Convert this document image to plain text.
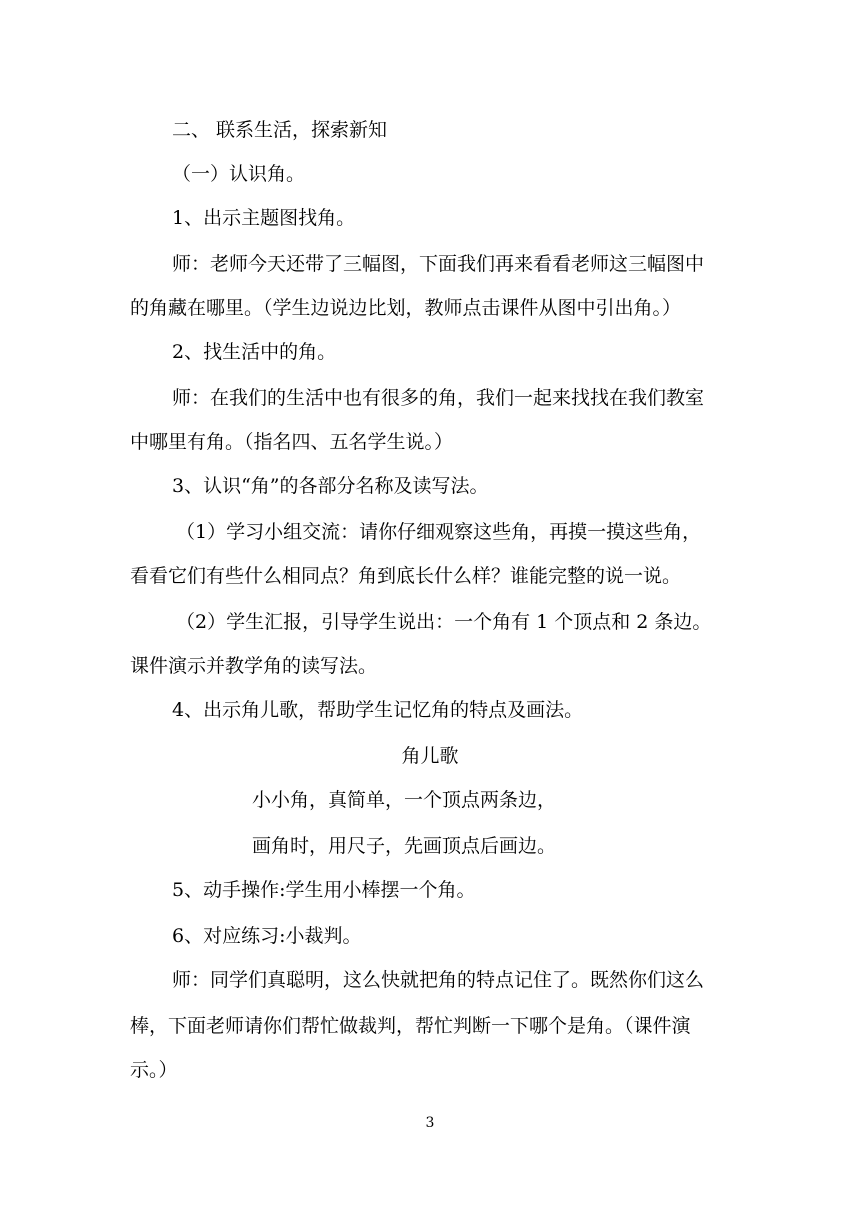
二、 联系生活，探索新知
（一）认识角。
1、出示主题图找角。
师：老师今天还带了三幅图，下面我们再来看看老师这三幅图中
的角藏在哪里。（学生边说边比划，教师点击课件从图中引出角。）
2、找生活中的角。
师：在我们的生活中也有很多的角，我们一起来找找在我们教室
中哪里有角。（指名四、五名学生说。）
3、认识“角”的各部分名称及读写法。
（1）学习小组交流：请你仔细观察这些角，再摸一摸这些角，
看看它们有些什么相同点？角到底长什么样？谁能完整的说一说。
（2）学生汇报，引导学生说出：一个角有 1 个顶点和 2 条边。
课件演示并教学角的读写法。
4、出示角儿歌，帮助学生记忆角的特点及画法。
角儿歌
小小角，真简单，一个顶点两条边，
画角时，用尺子，先画顶点后画边。
5、动手操作:学生用小棒摆一个角。
6、对应练习:小裁判。
师：同学们真聪明，这么快就把角的特点记住了。既然你们这么
棒，下面老师请你们帮忙做裁判，帮忙判断一下哪个是角。（课件演
示。）
3
